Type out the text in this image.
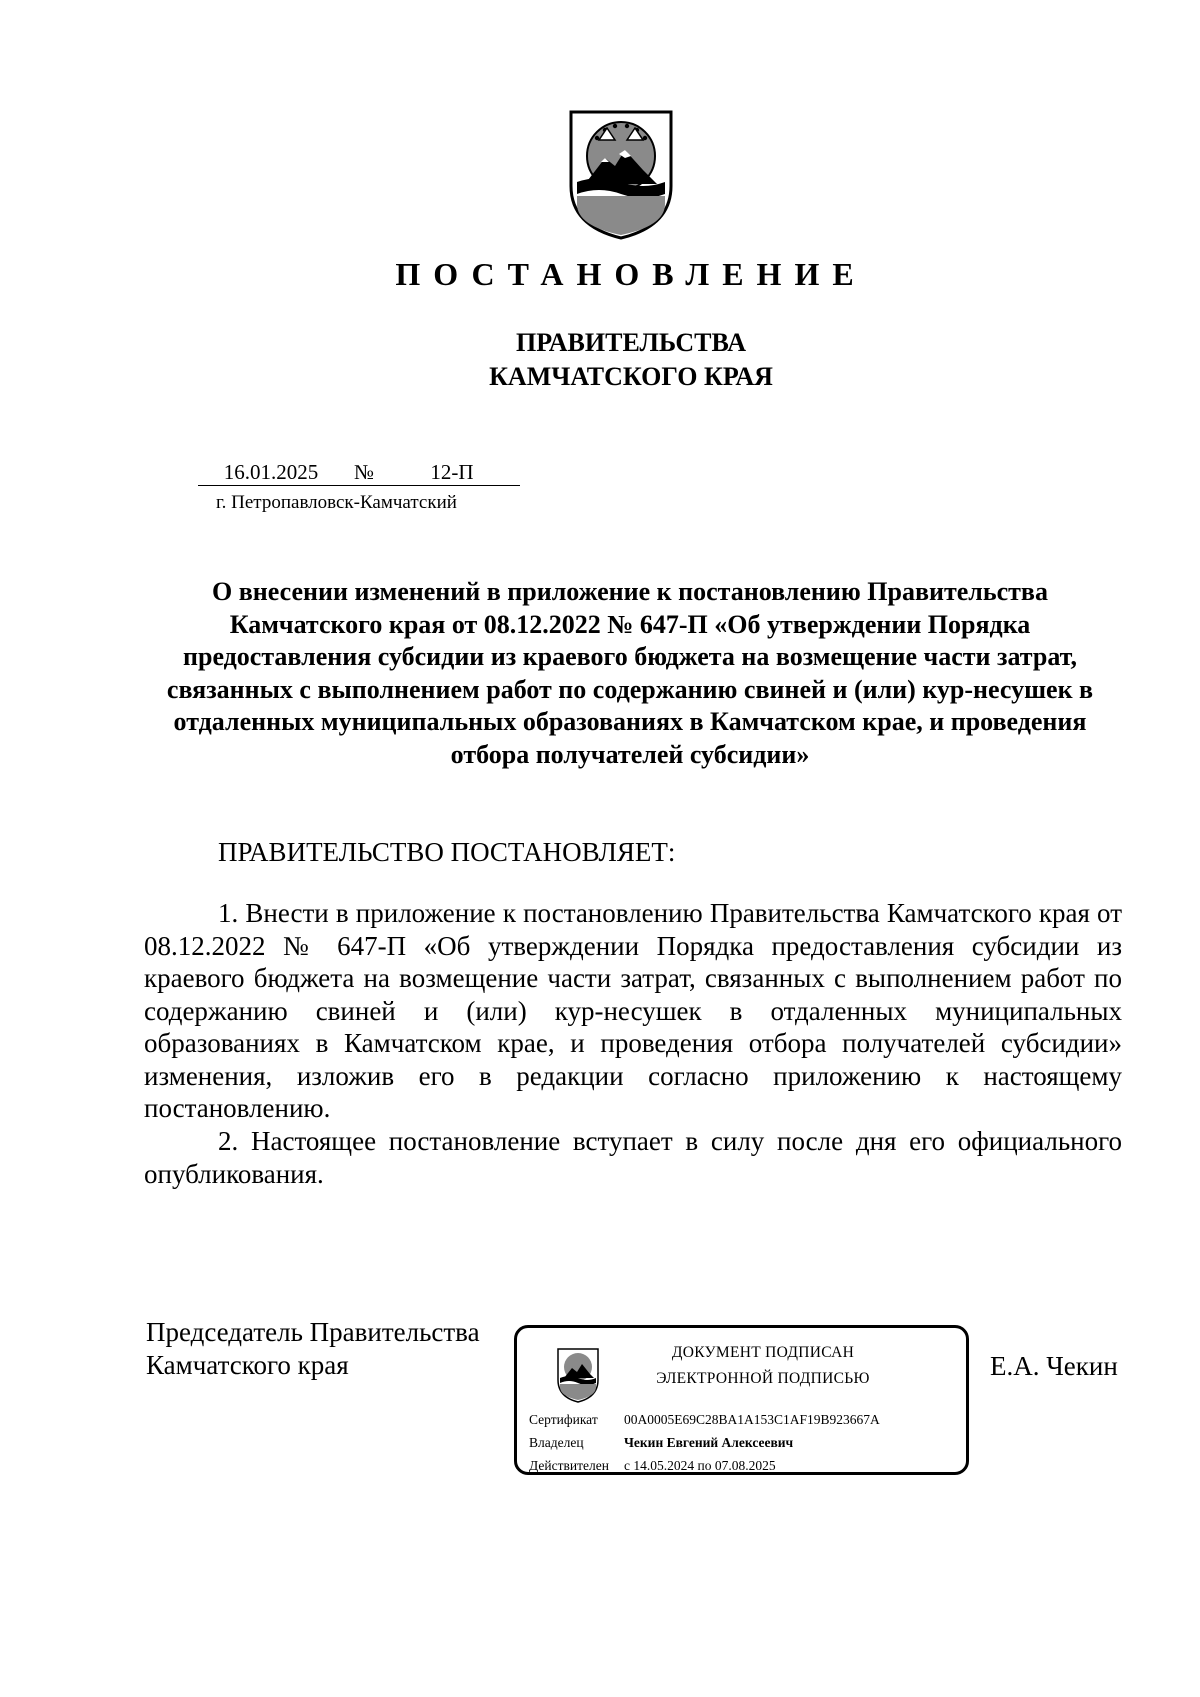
ПОСТАНОВЛЕНИЕ
ПРАВИТЕЛЬСТВА
КАМЧАТСКОГО КРАЯ
16.01.2025 №	12-П
г. Петропавловск-Камчатский
О внесении изменений в приложение к постановлению Правительства Камчатского края от 08.12.2022 № 647-П «Об утверждении Порядка предоставления субсидии из краевого бюджета на возмещение части затрат, связанных с выполнением работ по содержанию свиней и (или) кур-несушек в отдаленных муниципальных образованиях в Камчатском крае, и проведения отбора получателей субсидии»
ПРАВИТЕЛЬСТВО ПОСТАНОВЛЯЕТ:
1. Внести в приложение к постановлению Правительства Камчатского края от 08.12.2022 № 647-П «Об утверждении Порядка предоставления субсидии из краевого бюджета на возмещение части затрат, связанных с выполнением работ по содержанию свиней и (или) кур-несушек в отдаленных муниципальных образованиях в Камчатском крае, и проведения отбора получателей субсидии» изменения, изложив его в редакции согласно приложению к настоящему постановлению.
2. Настоящее постановление вступает в силу после дня его официального опубликования.
Председатель Правительства
Камчатского края	ДОКУМЕНТ ПОДПИСАН
ЭЛЕКТРОННОЙ ПОДПИСЬЮ
Сертификат 00A0005E69C28BA1A153C1AF19B923667A
Владелец	Чекин Евгений Алексеевич
Действителен с 14.05.2024 по 07.08.2025
Е.А. Чекин
